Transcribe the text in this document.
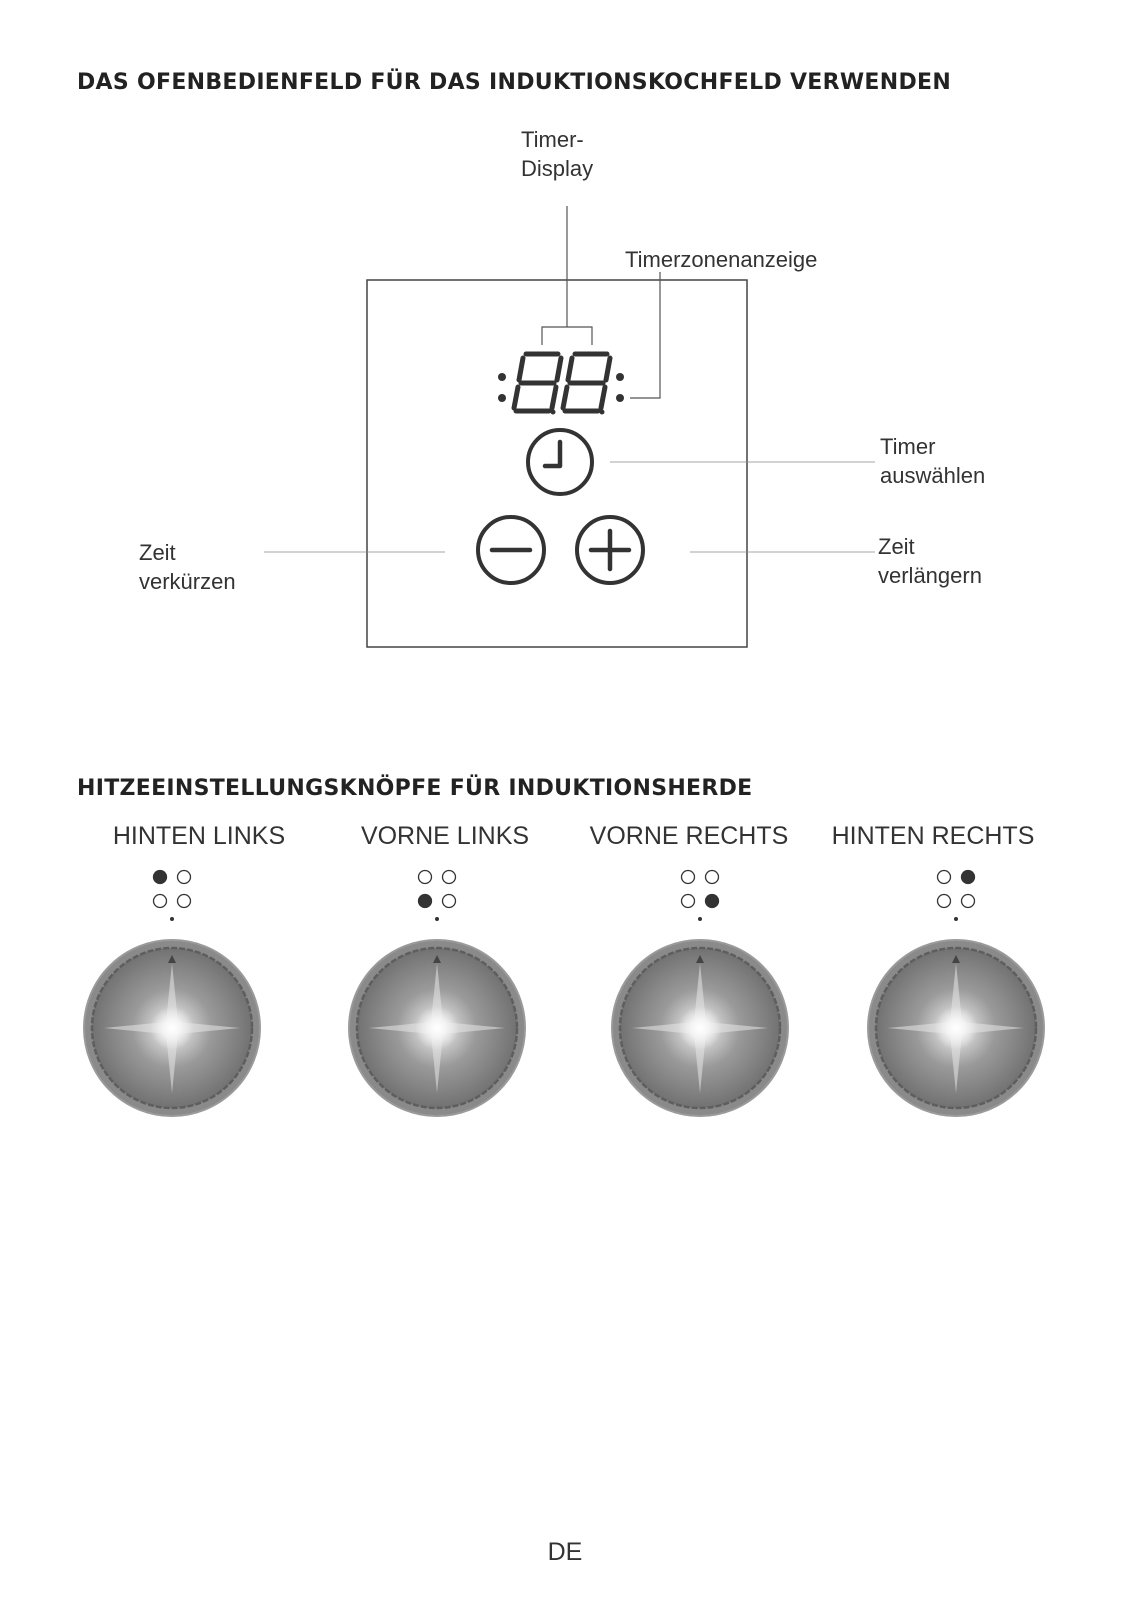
DAS OFENBEDIENFELD FÜR DAS INDUKTIONSKOCHFELD VERWENDEN
Timer-
Display
Timerzonenanzeige
Timer
auswählen
Zeit
verkürzen
Zeit
verlängern
HITZEEINSTELLUNGSKNÖPFE FÜR INDUKTIONSHERDE
HINTEN LINKS	VORNE LINKS	VORNE RECHTS	HINTEN RECHTS
DE
